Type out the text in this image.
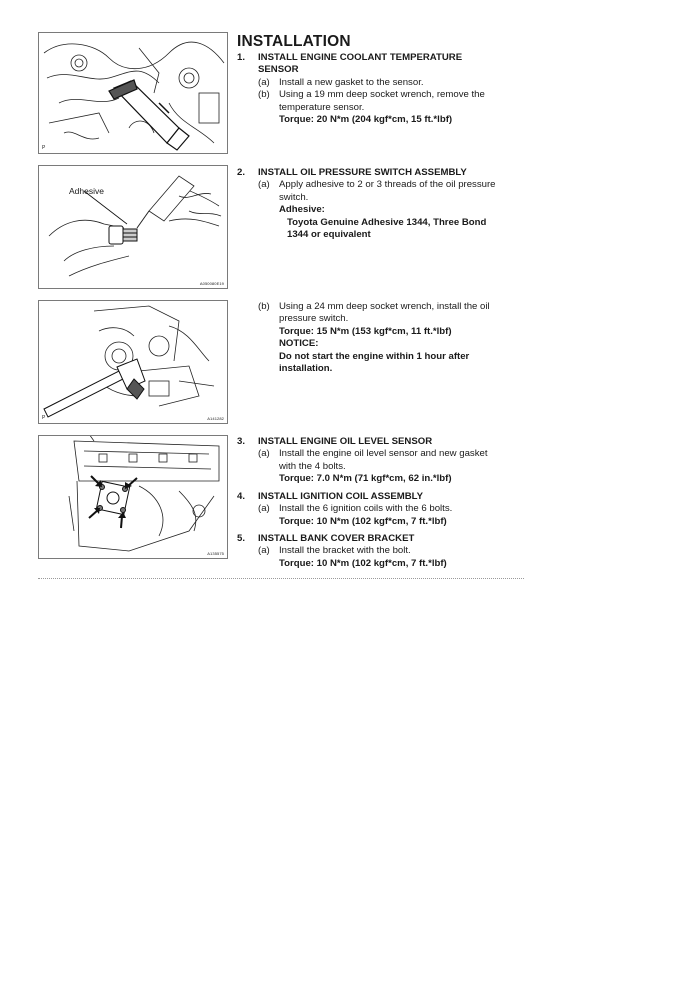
P
Adhesive
A050080E19
P	A141282
A135575
INSTALLATION
1. INSTALL ENGINE COOLANT TEMPERATURE
SENSOR
(a) Install a new gasket to the sensor.
(b) Using a 19 mm deep socket wrench, remove the
temperature sensor.
Torque: 20 N*m (204 kgf*cm, 15 ft.*lbf)
2. INSTALL OIL PRESSURE SWITCH ASSEMBLY
(a) Apply adhesive to 2 or 3 threads of the oil pressure
switch.
Adhesive:
Toyota Genuine Adhesive 1344, Three Bond
1344 or equivalent
(b) Using a 24 mm deep socket wrench, install the oil
pressure switch.
Torque: 15 N*m (153 kgf*cm, 11 ft.*lbf)
NOTICE:
Do not start the engine within 1 hour after
installation.
3. INSTALL ENGINE OIL LEVEL SENSOR
(a) Install the engine oil level sensor and new gasket
with the 4 bolts.
Torque: 7.0 N*m (71 kgf*cm, 62 in.*lbf)
4. INSTALL IGNITION COIL ASSEMBLY
(a) Install the 6 ignition coils with the 6 bolts.
Torque: 10 N*m (102 kgf*cm, 7 ft.*lbf)
5. INSTALL BANK COVER BRACKET
(a) Install the bracket with the bolt.
Torque: 10 N*m (102 kgf*cm, 7 ft.*lbf)
